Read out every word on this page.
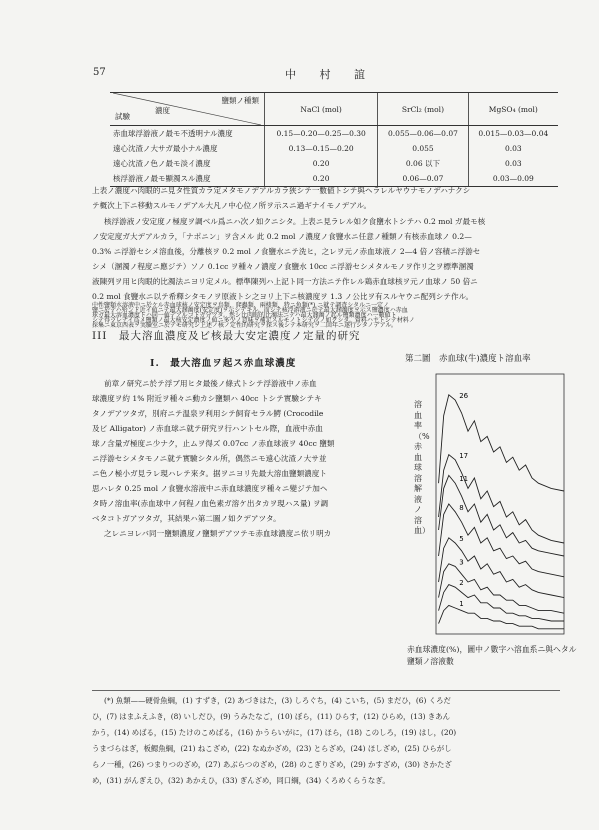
57	中 村 誼
鹽類ノ種類
濃度
試驗	NaCl (mol)	SrCl₂ (mol)	MgSO₄ (mol)
赤血球浮游液ノ最モ不透明ナル濃度	0.15—0.20—0.25—0.30	0.055—0.06—0.07	0.015—0.03—0.04
遠心沈渣ノ大サガ最小ナル濃度	0.13—0.15—0.20	0.055	0.03
遠心沈渣ノ色ノ最モ淡イ濃度	0.20	0.06 以下	0.03
核浮游液ノ最モ顯濁スル濃度	0.20	0.06—0.07	0.03—0.09
上表ノ濃度ハ肉眼的ニ見タ性質カラ定メタモノデアルカラ狭シテ一數値トシテ與ヘラレルヤウナモノデハナクシ
テ概次上下ニ移動スルモノデアル大凡ノ中心位ノ所ヲ示スニ過ギナイモノデアル。
核浮游液ノ安定度ノ極度ヲ調べル爲ニハ次ノ如クニシタ。上表ニ見ラレル如ク食鹽水トシテハ 0.2 mol ガ最モ核
ノ安定度ガ大デアルカラ，「ナポニン」ヲ含メル 此 0.2 mol ノ濃度ノ食鹽水ニ任意ノ種類ノ有核赤血球ノ 0.2—
0.3% ニ浮游セシメ溶血後，分離核ヲ 0.2 mol ノ食鹽水ニテ洗ヒ，之レヲ元ノ赤血球液ノ 2—4 倍ノ容積ニ浮游セ
シメ（溷濁ノ程度ニ應ジテ）ソノ 0.1cc ヲ種々ノ濃度ノ食鹽水 10cc ニ浮游セシメタルモノヲ作リ之ヲ標準溷濁
液陳列ヲ用ヒ肉眼的比濁法ニヨリ定メル。標準陳列ハ上記ト同一方法ニテ作レル鶏赤血球核ヲ元ノ血球ノ 50 倍ニ
0.2 mol 食鹽水ニ以テ希釋シタモノヲ原液トシ之ヨリ上下ニ核濃度ヲ 1.3 ノ公比ヲ有スルヤウニ配列シテ作ル。
III　最大溶血濃度及ビ核最大安定濃度ノ定量的研究
I.　最大溶血ヲ起ス赤血球濃度
前章ノ研究ニ於テ浮ブ用ヒタ最後ノ條式トシテ浮游液中ノ赤血
球濃度ヲ約 1% 附近ヲ種々ニ動カシ鹽類ハ 40cc トシテ實驗シテキ
タノデアツタガ，別府ニテ温泉ヲ利用シテ飼育セラル鰐 (Crocodile
及ビ Alligator) ノ赤血球ニ就テ研究ヲ行ハントセル際，血液中赤血
球ノ含量ガ極度ニ少ナク，止ムヲ得ズ 0.07cc ノ赤血球液ヲ 40cc 鹽類
ニ浮游セシメタモノニ就テ實驗シタル所，偶然ニモ遠心沈渣ノ大サ並
ニ色ノ極小ガ見ラレ現ハレテ來タ。据ヲニヨリ先最大溶血鹽類濃度ト
思ハレタ 0.25 mol ノ食鹽水溶液中ニ赤血球濃度ヲ種々ニ變ジテ加ヘ
タ時ノ溶血率(赤血球中ノ何程ノ血色素ガ溶ケ出タカヲ現ハス量) ヲ調
ベタコトガアツタガ，其結果ハ第二圖ノ如クデアツタ。
之レニヨレバ同一鹽類濃度ノ鹽類デアツテモ赤血球濃度ニ依リ明カ
第二圖　赤血球(牛)濃度ト溶血率
溶血率（%赤血球溶解液ノ溶血）
26
17
11
8
5
3
2
1
赤血球濃度(%)，圖中ノ數字ハ溶血系ニ與ヘタル鹽類ノ溶液數
(*) 魚類——硬骨魚綱，(1) すずき，(2) あづきはた，(3) しろぐち，(4) こいち，(5) まだひ，(6) くろだ
ひ，(7) はまふえふき，(8) いしだひ，(9) うみたなご，(10) ぼら，(11) ひらす，(12) ひらめ，(13) きあん
かう，(14) めばる，(15) たけのこめばる，(16) かうらいがに，(17) ほら，(18) このしろ，(19) はし，(20)
うまづらはぎ，板鰓魚綱，(21) ねこざめ，(22) なぬかざめ，(23) とらざめ，(24) ほしざめ，(25) ひらがし
らノ一種，(26) つまりつのざめ，(27) あぶらつのざめ，(28) のこぎりざめ，(29) かすざめ，(30) さかたざ
め，(31) がんぎえひ，(32) あかえひ，(33) ぎんざめ，同口綱，(34) くろめくらうなぎ。
中性鹽類水溶液中ニ於ケル赤血球核ノ安定度ヲ鳥類，爬蟲類，兩棲類，特ニ魚類(*) ニ就テ調査シタルニ一定ノ
鹽ニ於テハ殆ンド近イ値ニテ最大溷濁度(安定度)ヲ示シテキル。而シテ核浮游液ニ於テ最大溷濁度ヲ示ス鹽濃度ハ赤血
球ガ最大溶血濃度トハ同一値デアルコトガ分ツタ。然シ比肉眼的比濁法ニテハ最大溷濁ノ起ル鹽類濃度ハ一數値ト
シテ得ラレナイ爲メ鹽類ノ最大核安定濃度ノ値ニ多少ノ意味ヲ補足スルモノトシテ次ノ如クシタ。資料ハ主トシテ材料ノ
採集ニ東京西表ヲ実驗室ニ於テモ研究シ上述ノ核ノ定性的研究ヲ採ス後シテ本研究ヲ二回年ニ遂行シタノデアル。
